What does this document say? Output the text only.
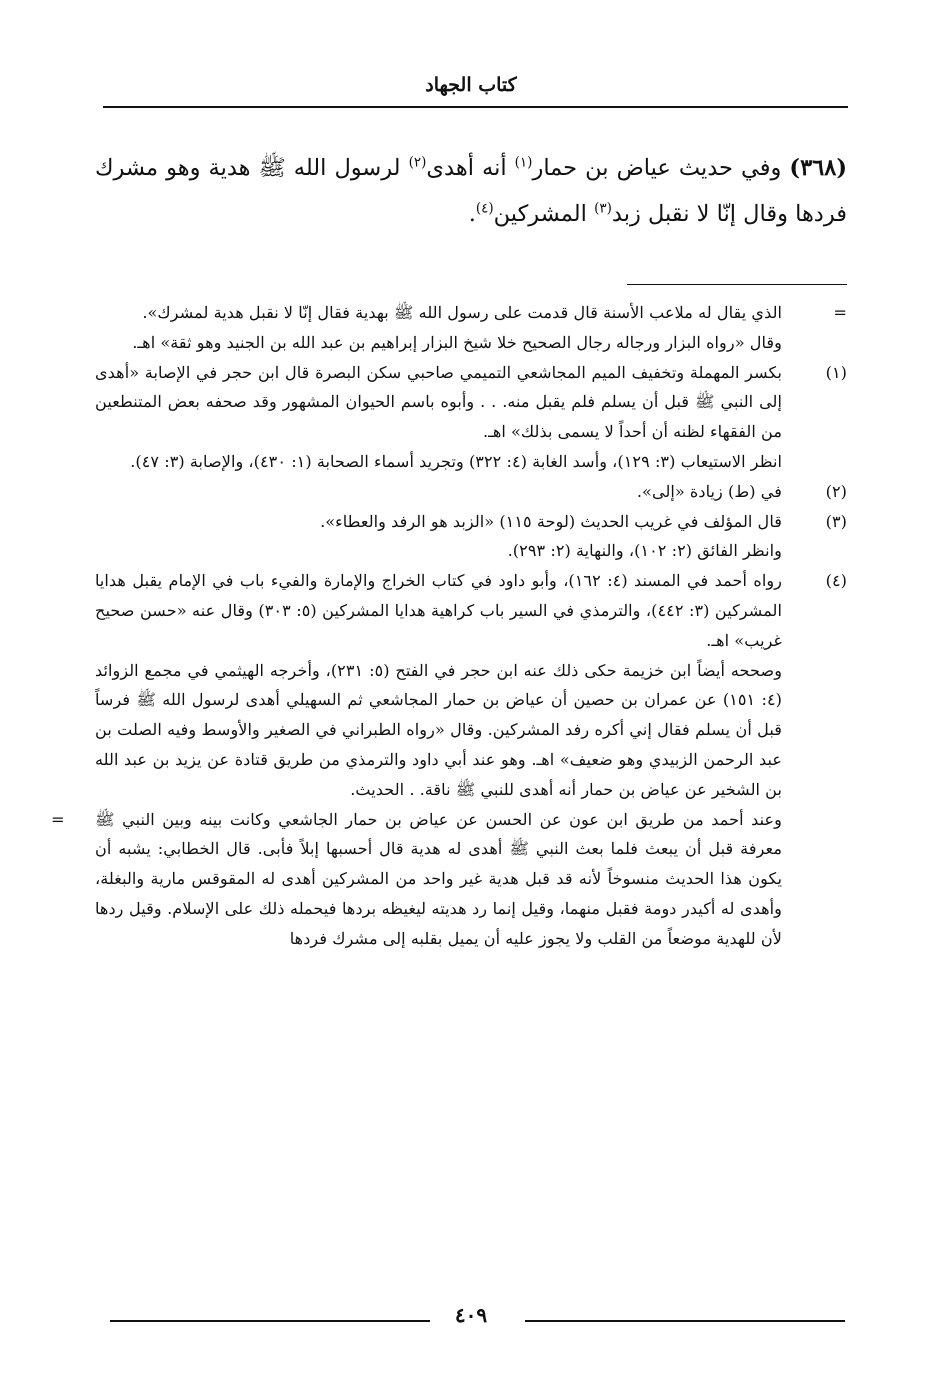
كتاب الجهاد

(٣٦٨) وفي حديث عياض بن حمار$^{(١)}$ أنه أهدى$^{(٢)}$ لرسول الله ﷺ هدية وهو مشرك فردها وقال إنّا لا نقبل زبد$^{(٣)}$ المشركين$^{(٤)}$.

=

الذي يقال له ملاعب الأسنة قال قدمت على رسول الله ﷺ بهدية فقال إنّا لا نقبل هدية لمشرك».

وقال «رواه البزار ورجاله رجال الصحيح خلا شيخ البزار إبراهيم بن عبد الله بن الجنيد وهو ثقة» اهـ.

(١)

بكسر المهملة وتخفيف الميم المجاشعي التميمي صاحبي سكن البصرة قال ابن حجر في الإصابة «أهدى إلى النبي ﷺ قبل أن يسلم فلم يقبل منه. . . وأبوه باسم الحيوان المشهور وقد صحفه بعض المتنطعين من الفقهاء لظنه أن أحداً لا يسمى بذلك» اهـ.

انظر الاستيعاب (٣: ١٢٩)، وأسد الغابة (٤: ٣٢٢) وتجريد أسماء الصحابة (١: ٤٣٠)، والإصابة (٣: ٤٧).

(٢)

في (ط) زيادة «إلى».

(٣)

قال المؤلف في غريب الحديث (لوحة ١١٥) «الزبد هو الرفد والعطاء».

وانظر الفائق (٢: ١٠٢)، والنهاية (٢: ٢٩٣).

(٤)

رواه أحمد في المسند (٤: ١٦٢)، وأبو داود في كتاب الخراج والإمارة والفيء باب في الإمام يقبل هدايا المشركين (٣: ٤٤٢)، والترمذي في السير باب كراهية هدايا المشركين (٥: ٣٠٣) وقال عنه «حسن صحيح غريب» اهـ.

وصححه أيضاً ابن خزيمة حكى ذلك عنه ابن حجر في الفتح (٥: ٢٣١)، وأخرجه الهيثمي في مجمع الزوائد (٤: ١٥١) عن عمران بن حصين أن عياض بن حمار المجاشعي ثم السهيلي أهدى لرسول الله ﷺ فرساً قبل أن يسلم فقال إني أكره رفد المشركين. وقال «رواه الطبراني في الصغير والأوسط وفيه الصلت بن عبد الرحمن الزبيدي وهو ضعيف» اهـ. وهو عند أبي داود والترمذي من طريق قتادة عن يزيد بن عبد الله بن الشخير عن عياض بن حمار أنه أهدى للنبي ﷺ ناقة. . الحديث.

وعند أحمد من طريق ابن عون عن الحسن عن عياض بن حمار الجاشعي وكانت بينه وبين النبي ﷺ معرفة قبل أن يبعث فلما بعث النبي ﷺ أهدى له هدية قال أحسبها إبلاً فأبى. قال الخطابي: يشبه أن يكون هذا الحديث منسوخاً لأنه قد قبل هدية غير واحد من المشركين أهدى له المقوقس مارية والبغلة، وأهدى له أكيدر دومة فقبل منهما، وقيل إنما رد هديته ليغيظه بردها فيحمله ذلك على الإسلام. وقيل ردها لأن للهدية موضعاً من القلب ولا يجوز عليه أن يميل بقلبه إلى مشرك فردها
=

٤٠٩
